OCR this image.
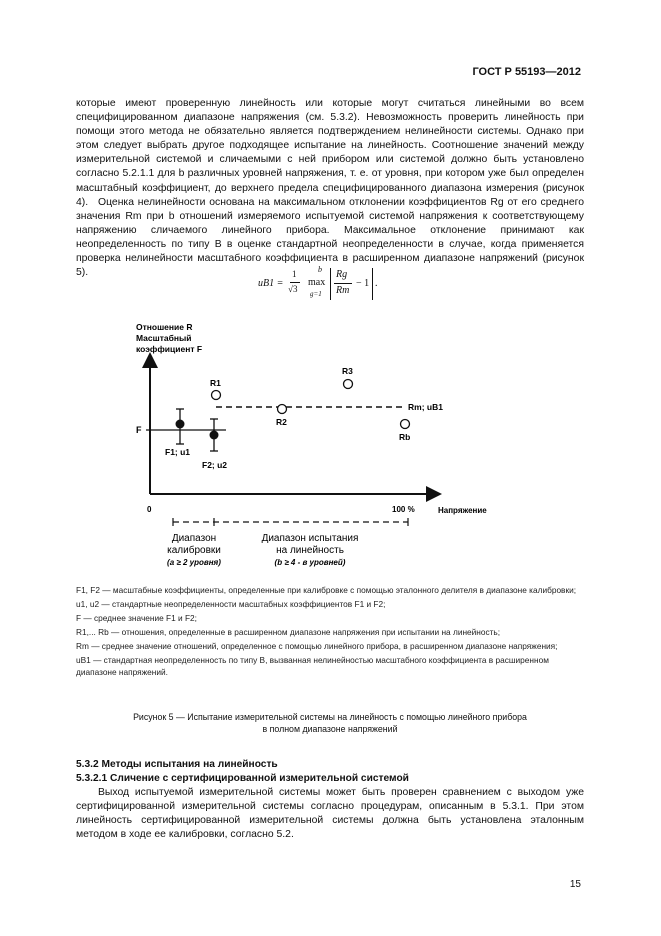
ГОСТ Р 55193—2012

которые имеют проверенную линейность или которые могут считаться линейными во всем специфицированном диапазоне напряжения (см. 5.3.2). Невозможность проверить линейность при помощи этого метода не обязательно является подтверждением нелинейности системы. Однако при этом следует выбрать другое подходящее испытание на линейность. Соотношение значений между измерительной системой и сличаемыми с ней прибором или системой должно быть установлено согласно 5.2.1.1 для b различных уровней напряжения, т. е. от уровня, при котором уже был определен масштабный коэффициент, до верхнего предела специфицированного диапазона измерения (рисунок 4). Оценка нелинейности основана на максимальном отклонении коэффициентов Rg от его среднего значения Rm при b отношений измеряемого испытуемой системой напряжения к соответствующему напряжению сличаемого линейного прибора. Максимальное отклонение принимают как неопределенность по типу В в оценке стандартной неопределенности в случае, когда применяется проверка нелинейности масштабного коэффициента в расширенном диапазоне напряжений (рисунок 5).

uB1 =
1
√3
b
max
g=1
Rg
Rm
− 1 .
Отношение R
Масштабный
коэффициент F
F
Rm; uB1
F1; u1
F2; u2
R1
R2
R3
Rb
0	100 %	Напряжение
Диапазон
калибровки
(a ≥ 2 уровня)
Диапазон испытания
на линейность
(b ≥ 4 - в уровней)

F1, F2 — масштабные коэффициенты, определенные при калибровке с помощью эталонного делителя в диапазоне калибровки;

u1, u2 — стандартные неопределенности масштабных коэффициентов F1 и F2;

F — среднее значение F1 и F2;

R1,... Rb — отношения, определенные в расширенном диапазоне напряжения при испытании на линейность;

Rm — среднее значение отношений, определенное с помощью линейного прибора, в расширенном диапазоне напряжения;

uB1 — стандартная неопределенность по типу В, вызванная нелинейностью масштабного коэффициента в расширенном диапазоне напряжений.

Рисунок 5 — Испытание измерительной системы на линейность с помощью линейного прибора
в полном диапазоне напряжений
5.3.2 Методы испытания на линейность
5.3.2.1 Сличение с сертифицированной измерительной системой

Выход испытуемой измерительной системы может быть проверен сравнением с выходом уже сертифицированной измерительной системы согласно процедурам, описанным в 5.3.1. При этом линейность сертифицированной измерительной системы должна быть установлена эталонным методом в ходе ее калибровки, согласно 5.2.

15
